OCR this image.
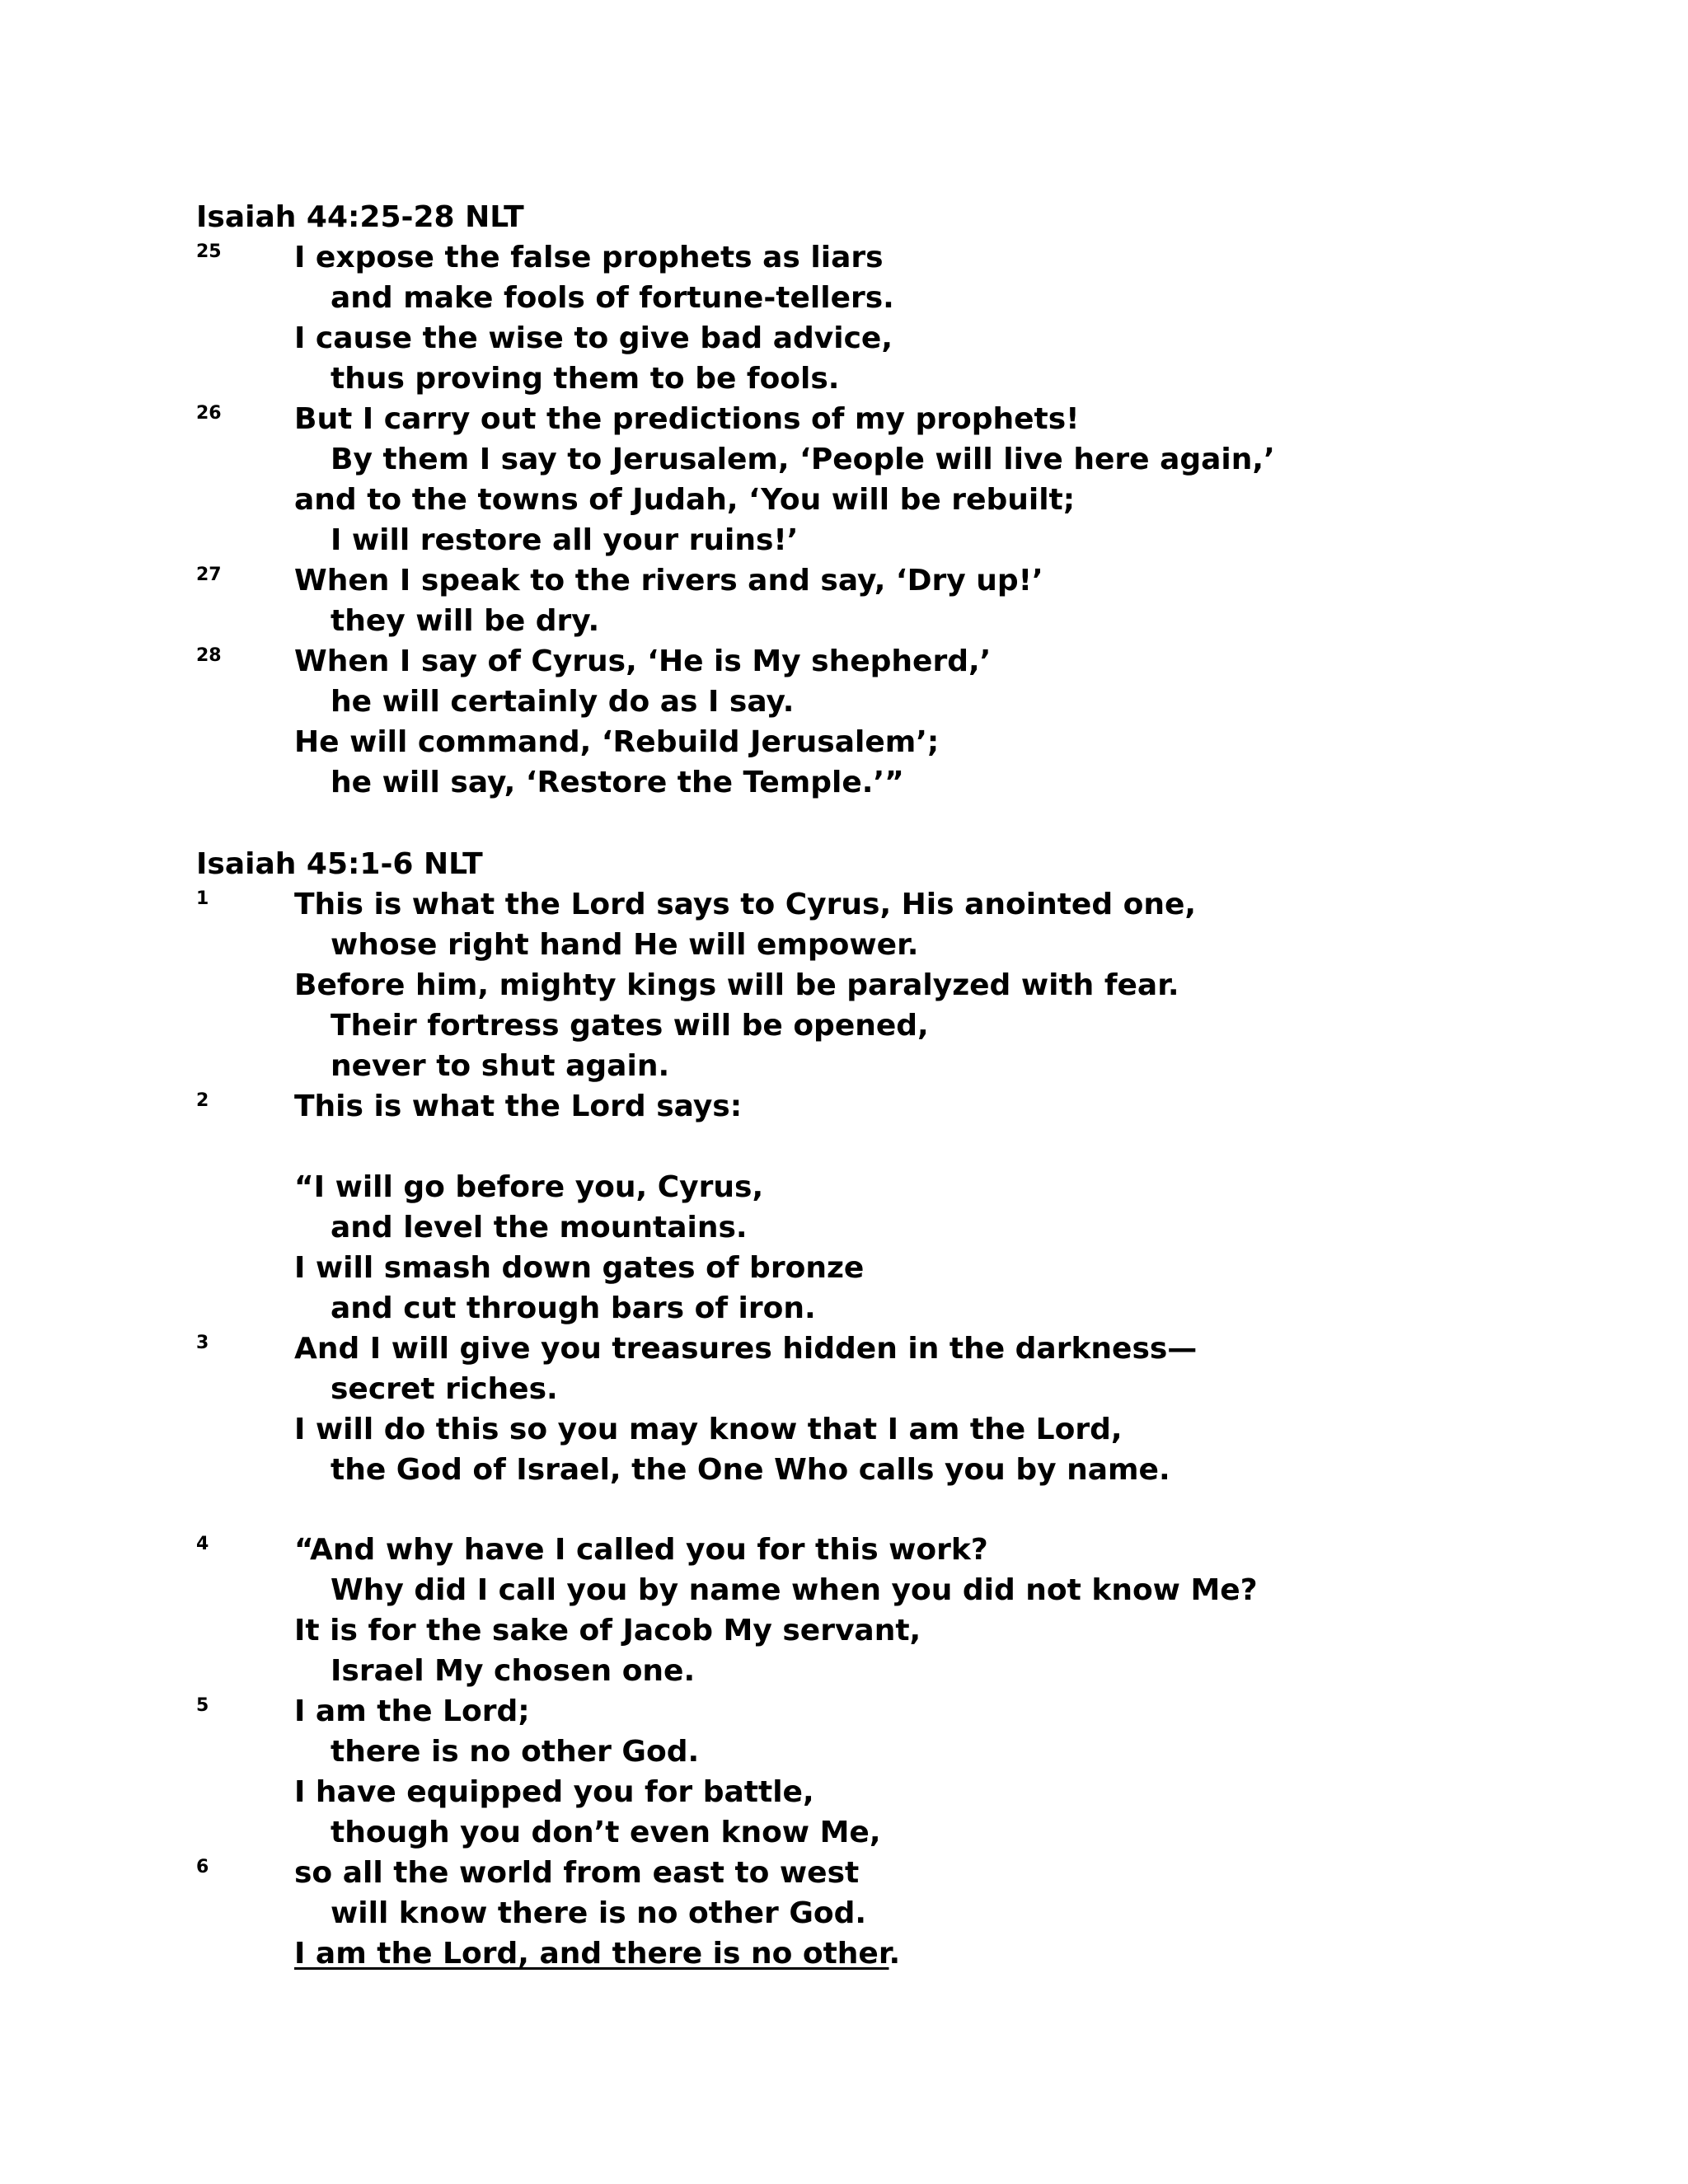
Isaiah 44:25-28 NLT
25 I expose the false prophets as liars
and make fools of fortune-tellers.
I cause the wise to give bad advice,
thus proving them to be fools.
26 But I carry out the predictions of my prophets!
By them I say to Jerusalem, ‘People will live here again,’
and to the towns of Judah, ‘You will be rebuilt;
I will restore all your ruins!’
27 When I speak to the rivers and say, ‘Dry up!’
they will be dry.
28 When I say of Cyrus, ‘He is My shepherd,’
he will certainly do as I say.
He will command, ‘Rebuild Jerusalem’;
he will say, ‘Restore the Temple.’”
Isaiah 45:1-6 NLT
1	This is what the Lord says to Cyrus, His anointed one,
whose right hand He will empower.
Before him, mighty kings will be paralyzed with fear.
Their fortress gates will be opened,
never to shut again.
2	This is what the Lord says:
“I will go before you, Cyrus,
and level the mountains.
I will smash down gates of bronze
and cut through bars of iron.
3	And I will give you treasures hidden in the darkness—
secret riches.
I will do this so you may know that I am the Lord,
the God of Israel, the One Who calls you by name.
4	“And why have I called you for this work?
Why did I call you by name when you did not know Me?
It is for the sake of Jacob My servant,
Israel My chosen one.
5	I am the Lord;
there is no other God.
I have equipped you for battle,
though you don’t even know Me,
6	so all the world from east to west
will know there is no other God.
I am the Lord, and there is no other.
